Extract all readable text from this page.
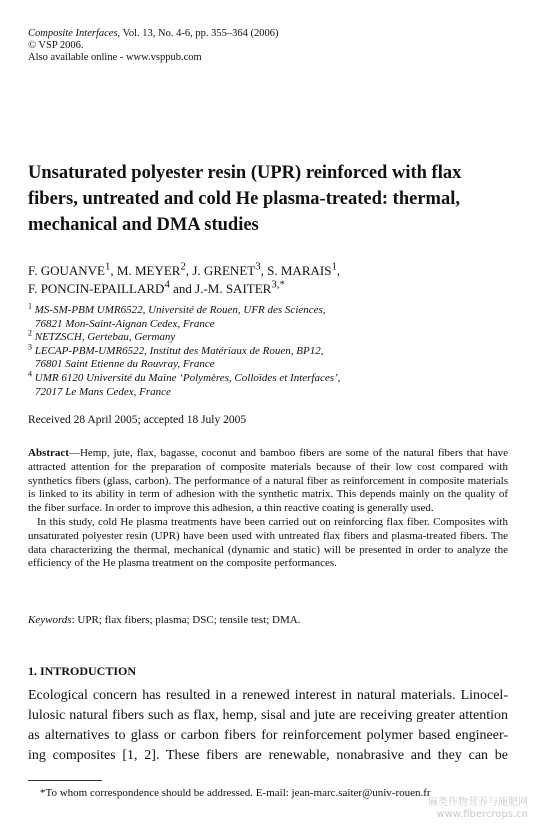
Composite Interfaces, Vol. 13, No. 4-6, pp. 355–364 (2006)
© VSP 2006.
Also available online - www.vsppub.com
Unsaturated polyester resin (UPR) reinforced with flax
fibers, untreated and cold He plasma-treated: thermal,
mechanical and DMA studies
F. GOUANVE$^1$, M. MEYER$^2$, J. GRENET$^3$, S. MARAIS$^1$,
F. PONCIN-EPAILLARD$^4$ and J.-M. $SAITER^{3,*}$
$^1$ MS-SM-PBM UMR6522, Université de Rouen, UFR des Sciences,
76821 Mon-Saint-Aignan Cedex, France
$^2$ NETZSCH, Gertebau, Germany
$^3$ LECAP-PBM-UMR6522, Institut des Matériaux de Rouen, BP12,
76801 Saint Etienne du Rouvray, France
$^4$ UMR 6120 Université du Maine ‘Polymères, Colloïdes et Interfaces’,
72017 Le Mans Cedex, France
Received 28 April 2005; accepted 18 July 2005

Abstract—Hemp, jute, flax, bagasse, coconut and bamboo fibers are some of the natural fibers that have attracted attention for the preparation of composite materials because of their low cost compared with synthetics fibers (glass, carbon). The performance of a natural fiber as reinforcement in composite materials is linked to its ability in term of adhesion with the synthetic matrix. This depends mainly on the quality of the fiber surface. In order to improve this adhesion, a thin reactive coating is generally used.

In this study, cold He plasma treatments have been carried out on reinforcing flax fiber. Composites with unsaturated polyester resin (UPR) have been used with untreated flax fibers and plasma-treated fibers. The data characterizing the thermal, mechanical (dynamic and static) will be presented in order to analyze the efficiency of the He plasma treatment on the composite performances.

Keywords: UPR; flax fibers; plasma; DSC; tensile test; DMA.
1. INTRODUCTION
Ecological concern has resulted in a renewed interest in natural materials. Linocel-
lulosic natural fibers such as flax, hemp, sisal and jute are receiving greater attention
as alternatives to glass or carbon fibers for reinforcement polymer based engineer-
ing composites [1, 2]. These fibers are renewable, nonabrasive and they can be
*To whom correspondence should be addressed. E-mail: jean-marc.saiter@univ-rouen.fr
麻类作物营养与施肥网
www.fibercrops.cn
